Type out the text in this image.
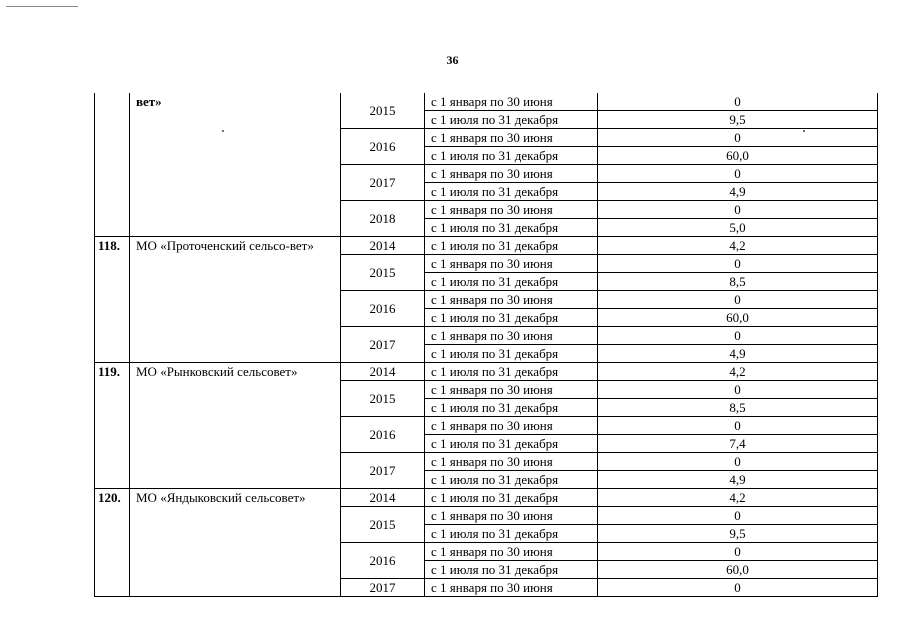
36
	вет»	2015	с 1 января по 30 июня	0
			с 1 июля по 31 декабря	9,5
		2016	с 1 января по 30 июня	0
			с 1 июля по 31 декабря	60,0
		2017	с 1 января по 30 июня	0
			с 1 июля по 31 декабря	4,9
		2018	с 1 января по 30 июня	0
			с 1 июля по 31 декабря	5,0
118.	МО «Проточенский сельсо-вет»	2014	с 1 июля по 31 декабря	4,2
		2015	с 1 января по 30 июня	0
			с 1 июля по 31 декабря	8,5
		2016	с 1 января по 30 июня	0
			с 1 июля по 31 декабря	60,0
		2017	с 1 января по 30 июня	0
			с 1 июля по 31 декабря	4,9
119.	МО «Рынковский сельсовет»	2014	с 1 июля по 31 декабря	4,2
		2015	с 1 января по 30 июня	0
			с 1 июля по 31 декабря	8,5
		2016	с 1 января по 30 июня	0
			с 1 июля по 31 декабря	7,4
		2017	с 1 января по 30 июня	0
			с 1 июля по 31 декабря	4,9
120.	МО «Яндыковский сельсовет»	2014	с 1 июля по 31 декабря	4,2
		2015	с 1 января по 30 июня	0
			с 1 июля по 31 декабря	9,5
		2016	с 1 января по 30 июня	0
			с 1 июля по 31 декабря	60,0
		2017	с 1 января по 30 июня	0
